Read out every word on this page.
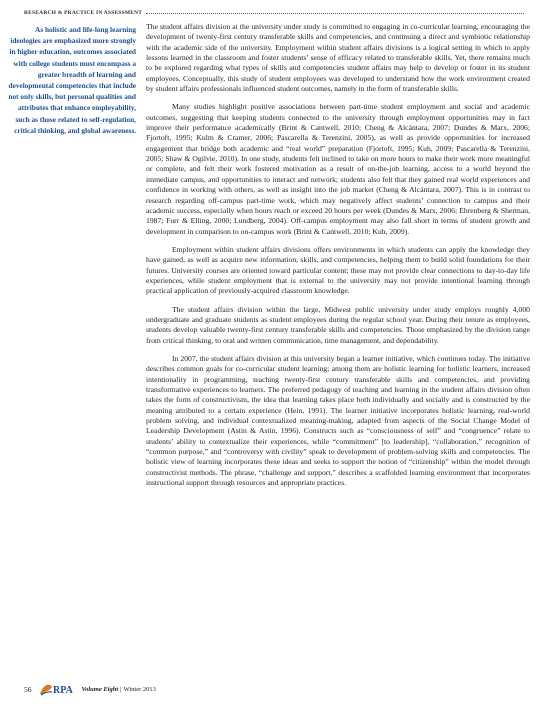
RESEARCH & PRACTICE IN ASSESSMENT
As holistic and life-long learning ideologies are emphasized more strongly in higher education, outcomes associated with college students must encompass a greater breadth of learning and developmental competencies that include not only skills, but personal qualities and attributes that enhance employability, such as those related to self-regulation, critical thinking, and global awareness.

The student affairs division at the university under study is committed to engaging in co-curricular learning, encouraging the development of twenty-first century transferable skills and competencies, and continuing a direct and symbiotic relationship with the academic side of the university. Employment within student affairs divisions is a logical setting in which to apply lessons learned in the classroom and foster students’ sense of efficacy related to transferable skills. Yet, there remains much to be explored regarding what types of skills and competencies student affairs may help to develop or foster in its student employees. Conceptually, this study of student employees was developed to understand how the work environment created by student affairs professionals influenced student outcomes, namely in the form of transferable skills.

Many studies highlight positive associations between part-time student employment and social and academic outcomes, suggesting that keeping students connected to the university through employment opportunities may in fact improve their performance academically (Brint & Cantwell, 2010; Cheng & Alcántara, 2007; Dundes & Marx, 2006; Fjortoft, 1995; Kulm & Cramer, 2006; Pascarella & Terenzini, 2005), as well as provide opportunities for increased engagement that bridge both academic and “real world” preparation (Fjortoft, 1995; Kuh, 2009; Pascarella & Terenzini, 2005; Shaw & Ogilvie, 2010). In one study, students felt inclined to take on more hours to make their work more meaningful or complete, and felt their work fostered motivation as a result of on-the-job learning, access to a world beyond the immediate campus, and opportunities to interact and network; students also felt that they gained real world experiences and confidence in working with others, as well as insight into the job market (Cheng & Alcántara, 2007). This is in contrast to research regarding off-campus part-time work, which may negatively affect students’ connection to campus and their academic success, especially when hours reach or exceed 20 hours per week (Dundes & Marx, 2006; Ehrenberg & Sherman, 1987; Furr & Elling, 2000; Lundberg, 2004). Off-campus employment may also fall short in terms of student growth and development in comparison to on-campus work (Brint & Cantwell, 2010; Kuh, 2009).

Employment within student affairs divisions offers environments in which students can apply the knowledge they have gained, as well as acquire new information, skills, and competencies, helping them to build solid foundations for their futures. University courses are oriented toward particular content; these may not provide clear connections to day-to-day life experiences, while student employment that is external to the university may not provide intentional learning through practical application of previously-acquired classroom knowledge.

The student affairs division within the large, Midwest public university under study employs roughly 4,000 undergraduate and graduate students as student employees during the regular school year. During their tenure as employees, students develop valuable twenty-first century transferable skills and competencies. Those emphasized by the division range from critical thinking, to oral and written communication, time management, and dependability.

In 2007, the student affairs division at this university began a learner initiative, which continues today. The initiative describes common goals for co-curricular student learning; among them are holistic learning for holistic learners, increased intentionality in programming, teaching twenty-first century transferable skills and competencies, and providing transformative experiences to learners. The preferred pedagogy of teaching and learning in the student affairs division often takes the form of constructivism, the idea that learning takes place both individually and socially and is constructed by the meaning attributed to a certain experience (Hein, 1991). The learner initiative incorporates holistic learning, real-world problem solving, and individual contextualized meaning-making, adapted from aspects of the Social Change Model of Leadership Development (Astin & Astin, 1996). Constructs such as “consciousness of self” and “congruence” relate to students’ ability to contextualize their experiences, while “commitment” [to leadership], “collaboration,” recognition of “common purpose,” and “controversy with civility” speak to development of problem-solving skills and competencies. The holistic view of learning incorporates these ideas and seeks to support the notion of “citizenship” within the model through constructivist methods. The phrase, “challenge and support,” describes a scaffolded learning environment that incorporates instructional support through resources and appropriate practices.

56 RPA Volume Eight | Winter 2013
